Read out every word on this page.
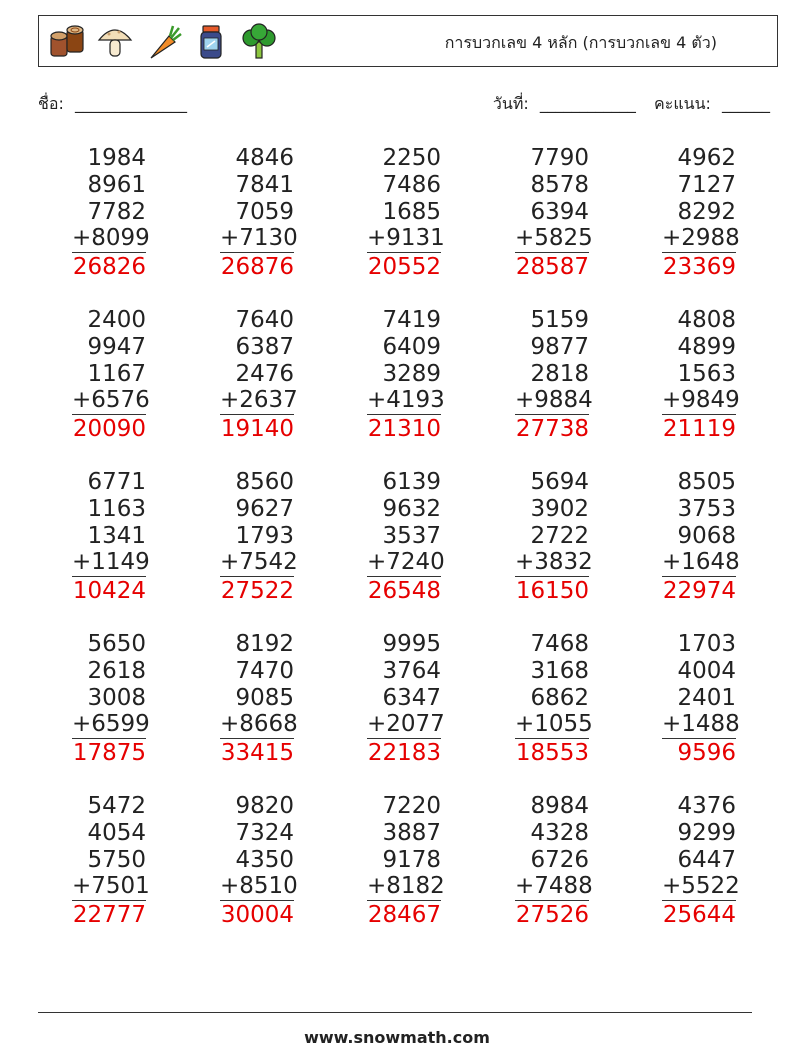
การบวกเลข 4 หลัก (การบวกเลข 4 ตัว)
ชื่อ: ______________	วันที่: ____________ คะแนน: ______
1984
8961
7782
+8099
26826
4846
7841
7059
+7130
26876
2250
7486
1685
+9131
20552
7790
8578
6394
+5825
28587
4962
7127
8292
+2988
23369
2400
9947
1167
+6576
20090
7640
6387
2476
+2637
19140
7419
6409
3289
+4193
21310
5159
9877
2818
+9884
27738
4808
4899
1563
+9849
21119
6771
1163
1341
+1149
10424
8560
9627
1793
+7542
27522
6139
9632
3537
+7240
26548
5694
3902
2722
+3832
16150
8505
3753
9068
+1648
22974
5650
2618
3008
+6599
17875
8192
7470
9085
+8668
33415
9995
3764
6347
+2077
22183
7468
3168
6862
+1055
18553
1703
4004
2401
+1488
9596
5472
4054
5750
+7501
22777
9820
7324
4350
+8510
30004
7220
3887
9178
+8182
28467
8984
4328
6726
+7488
27526
4376
9299
6447
+5522
25644
www.snowmath.com
